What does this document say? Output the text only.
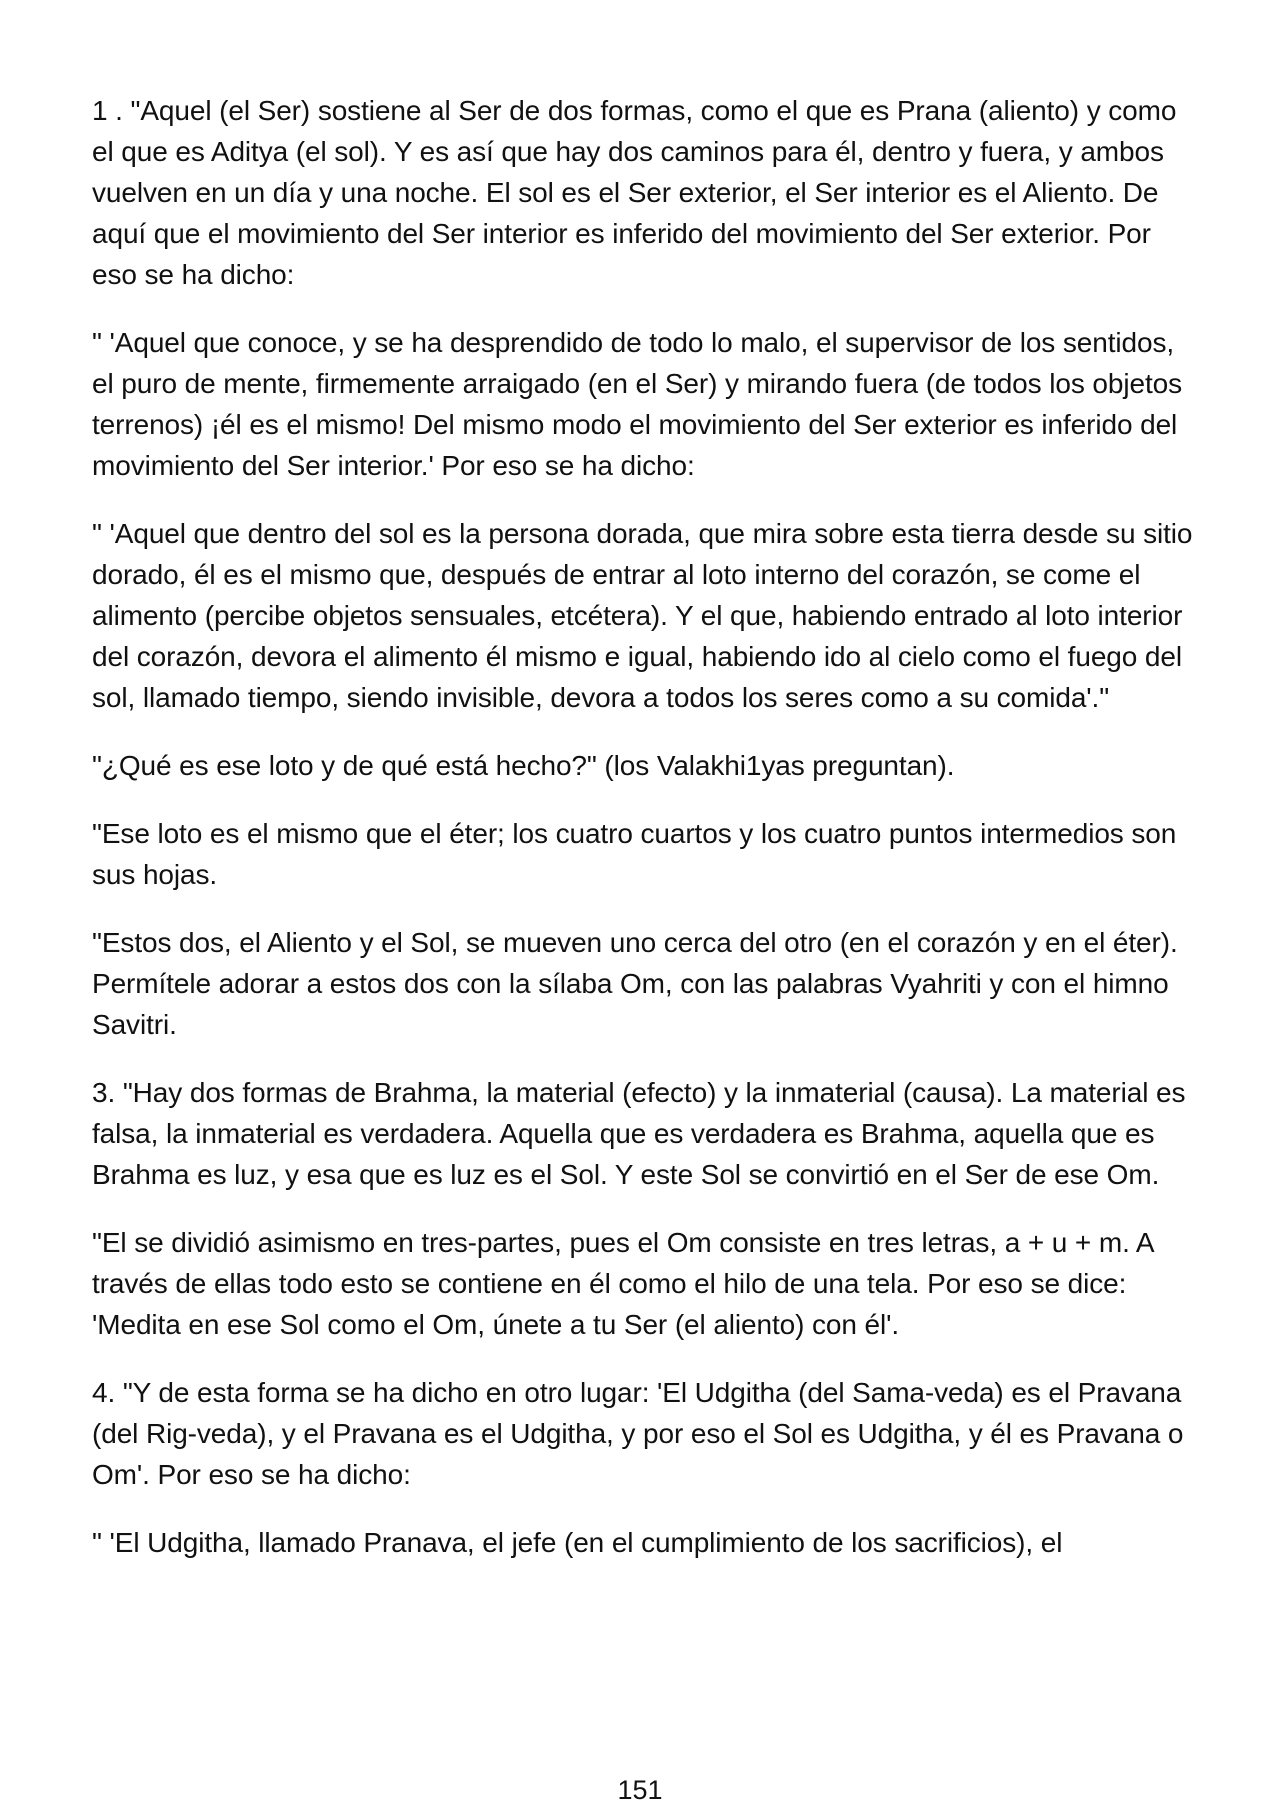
1 . "Aquel (el Ser) sostiene al Ser de dos formas, como el que es Prana (aliento) y como el que es Aditya (el sol). Y es así que hay dos caminos para él, dentro y fuera, y ambos vuelven en un día y una noche. El sol es el Ser exterior, el Ser interior es el Aliento. De aquí que el movimiento del Ser interior es inferido del movimiento del Ser exterior. Por eso se ha dicho:

" 'Aquel que conoce, y se ha desprendido de todo lo malo, el supervisor de los sentidos, el puro de mente, firmemente arraigado (en el Ser) y mirando fuera (de todos los objetos terrenos) ¡él es el mismo! Del mismo modo el movimiento del Ser exterior es inferido del movimiento del Ser interior.' Por eso se ha dicho:

" 'Aquel que dentro del sol es la persona dorada, que mira sobre esta tierra desde su sitio dorado, él es el mismo que, después de entrar al loto interno del corazón, se come el alimento (percibe objetos sensuales, etcétera). Y el que, habiendo entrado al loto interior del corazón, devora el alimento él mismo e igual, habiendo ido al cielo como el fuego del sol, llamado tiempo, siendo invisible, devora a todos los seres como a su comida'."

"¿Qué es ese loto y de qué está hecho?" (los Valakhi1yas preguntan).

"Ese loto es el mismo que el éter; los cuatro cuartos y los cuatro puntos intermedios son sus hojas.

"Estos dos, el Aliento y el Sol, se mueven uno cerca del otro (en el corazón y en el éter). Permítele adorar a estos dos con la sílaba Om, con las palabras Vyahriti y con el himno Savitri.

3. "Hay dos formas de Brahma, la material (efecto) y la inmaterial (causa). La material es falsa, la inmaterial es verdadera. Aquella que es verdadera es Brahma, aquella que es Brahma es luz, y esa que es luz es el Sol. Y este Sol se convirtió en el Ser de ese Om.

"El se dividió asimismo en tres-partes, pues el Om consiste en tres letras, a + u + m. A través de ellas todo esto se contiene en él como el hilo de una tela. Por eso se dice: 'Medita en ese Sol como el Om, únete a tu Ser (el aliento) con él'.

4. "Y de esta forma se ha dicho en otro lugar: 'El Udgitha (del Sama-veda) es el Pravana (del Rig-veda), y el Pravana es el Udgitha, y por eso el Sol es Udgitha, y él es Pravana o Om'. Por eso se ha dicho:

" 'El Udgitha, llamado Pranava, el jefe (en el cumplimiento de los sacrificios), el

151
